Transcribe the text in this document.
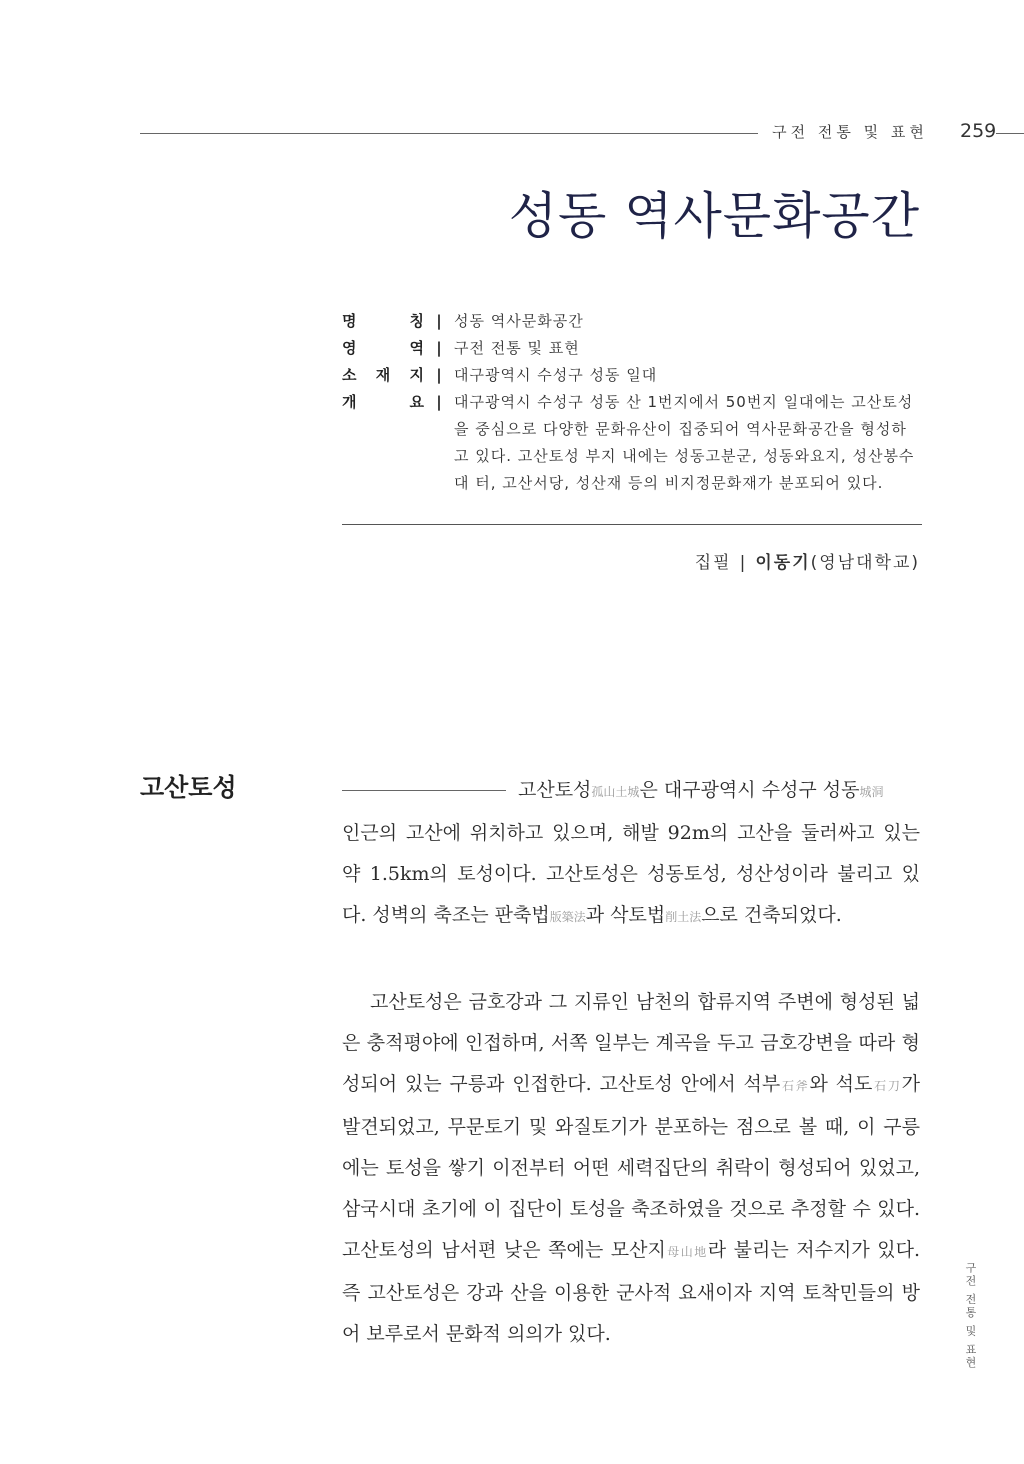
구전 전통 및 표현	259
성동 역사문화공간
명	칭 | 성동 역사문화공간
영	역 | 구전 전통 및 표현
소 재 지 | 대구광역시 수성구 성동 일대
개	요 | 대구광역시 수성구 성동 산 1번지에서 50번지 일대에는 고산토성을 중심으로 다양한 문화유산이 집중되어 역사문화공간을 형성하고 있다. 고산토성 부지 내에는 성동고분군, 성동와요지, 성산봉수대 터, 고산서당, 성산재 등의 비지정문화재가 분포되어 있다.
집필 | 이동기(영남대학교)
고산토성	고산토성孤山土城은 대구광역시 수성구 성동城洞
인근의 고산에 위치하고 있으며, 해발 92m의 고산을 둘러싸고 있는 약 1.5km의 토성이다. 고산토성은 성동토성, 성산성이라 불리고 있다. 성벽의 축조는 판축법版築法과 삭토법削土法으로 건축되었다.
고산토성은 금호강과 그 지류인 남천의 합류지역 주변에 형성된 넓은 충적평야에 인접하며, 서쪽 일부는 계곡을 두고 금호강변을 따라 형성되어 있는 구릉과 인접한다. 고산토성 안에서 석부石斧와 석도石刀가 발견되었고, 무문토기 및 와질토기가 분포하는 점으로 볼 때, 이 구릉에는 토성을 쌓기 이전부터 어떤 세력집단의 취락이 형성되어 있었고, 삼국시대 초기에 이 집단이 토성을 축조하였을 것으로 추정할 수 있다. 고산토성의 남서편 낮은 쪽에는 모산지母山地라 불리는 저수지가 있다. 즉 고산토성은 강과 산을 이용한 군사적 요새이자 지역 토착민들의 방어 보루로서 문화적 의의가 있다.	구전 전통 및 표현
